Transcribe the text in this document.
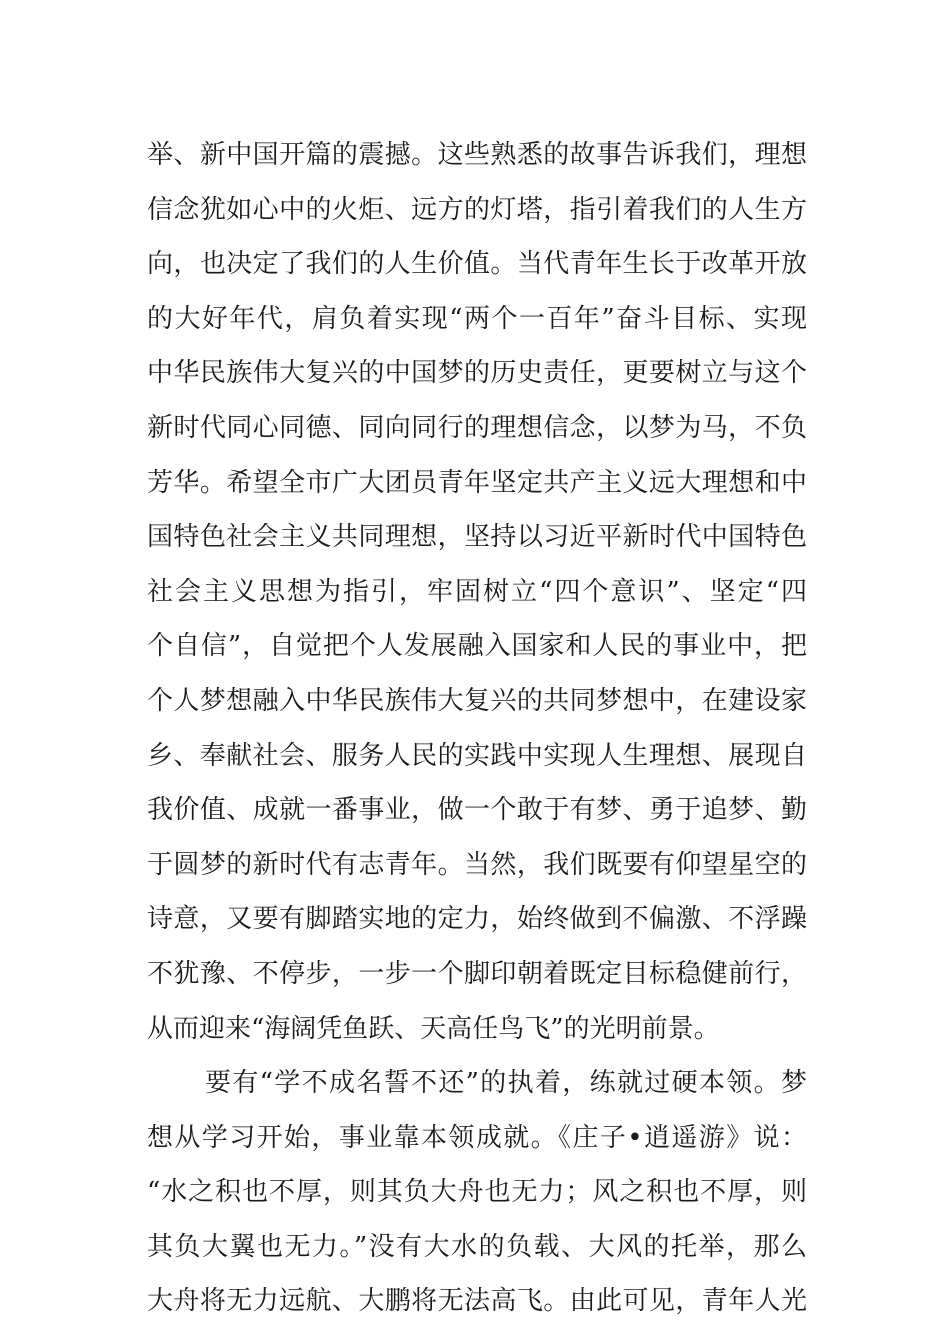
举、新中国开篇的震撼。这些熟悉的故事告诉我们，理想
信念犹如心中的火炬、远方的灯塔，指引着我们的人生方
向，也决定了我们的人生价值。当代青年生长于改革开放
的大好年代，肩负着实现“两个一百年”奋斗目标、实现
中华民族伟大复兴的中国梦的历史责任，更要树立与这个
新时代同心同德、同向同行的理想信念，以梦为马，不负
芳华。希望全市广大团员青年坚定共产主义远大理想和中
国特色社会主义共同理想，坚持以习近平新时代中国特色
社会主义思想为指引，牢固树立“四个意识”、坚定“四
个自信”，自觉把个人发展融入国家和人民的事业中，把
个人梦想融入中华民族伟大复兴的共同梦想中，在建设家
乡、奉献社会、服务人民的实践中实现人生理想、展现自
我价值、成就一番事业，做一个敢于有梦、勇于追梦、勤
于圆梦的新时代有志青年。当然，我们既要有仰望星空的
诗意，又要有脚踏实地的定力，始终做到不偏激、不浮躁
不犹豫、不停步，一步一个脚印朝着既定目标稳健前行，
从而迎来“海阔凭鱼跃、天高任鸟飞”的光明前景。
要有“学不成名誓不还”的执着，练就过硬本领。梦
想从学习开始，事业靠本领成就。《庄子•逍遥游》说：
“水之积也不厚，则其负大舟也无力；风之积也不厚，则
其负大翼也无力。”没有大水的负载、大风的托举，那么
大舟将无力远航、大鹏将无法高飞。由此可见，青年人光
